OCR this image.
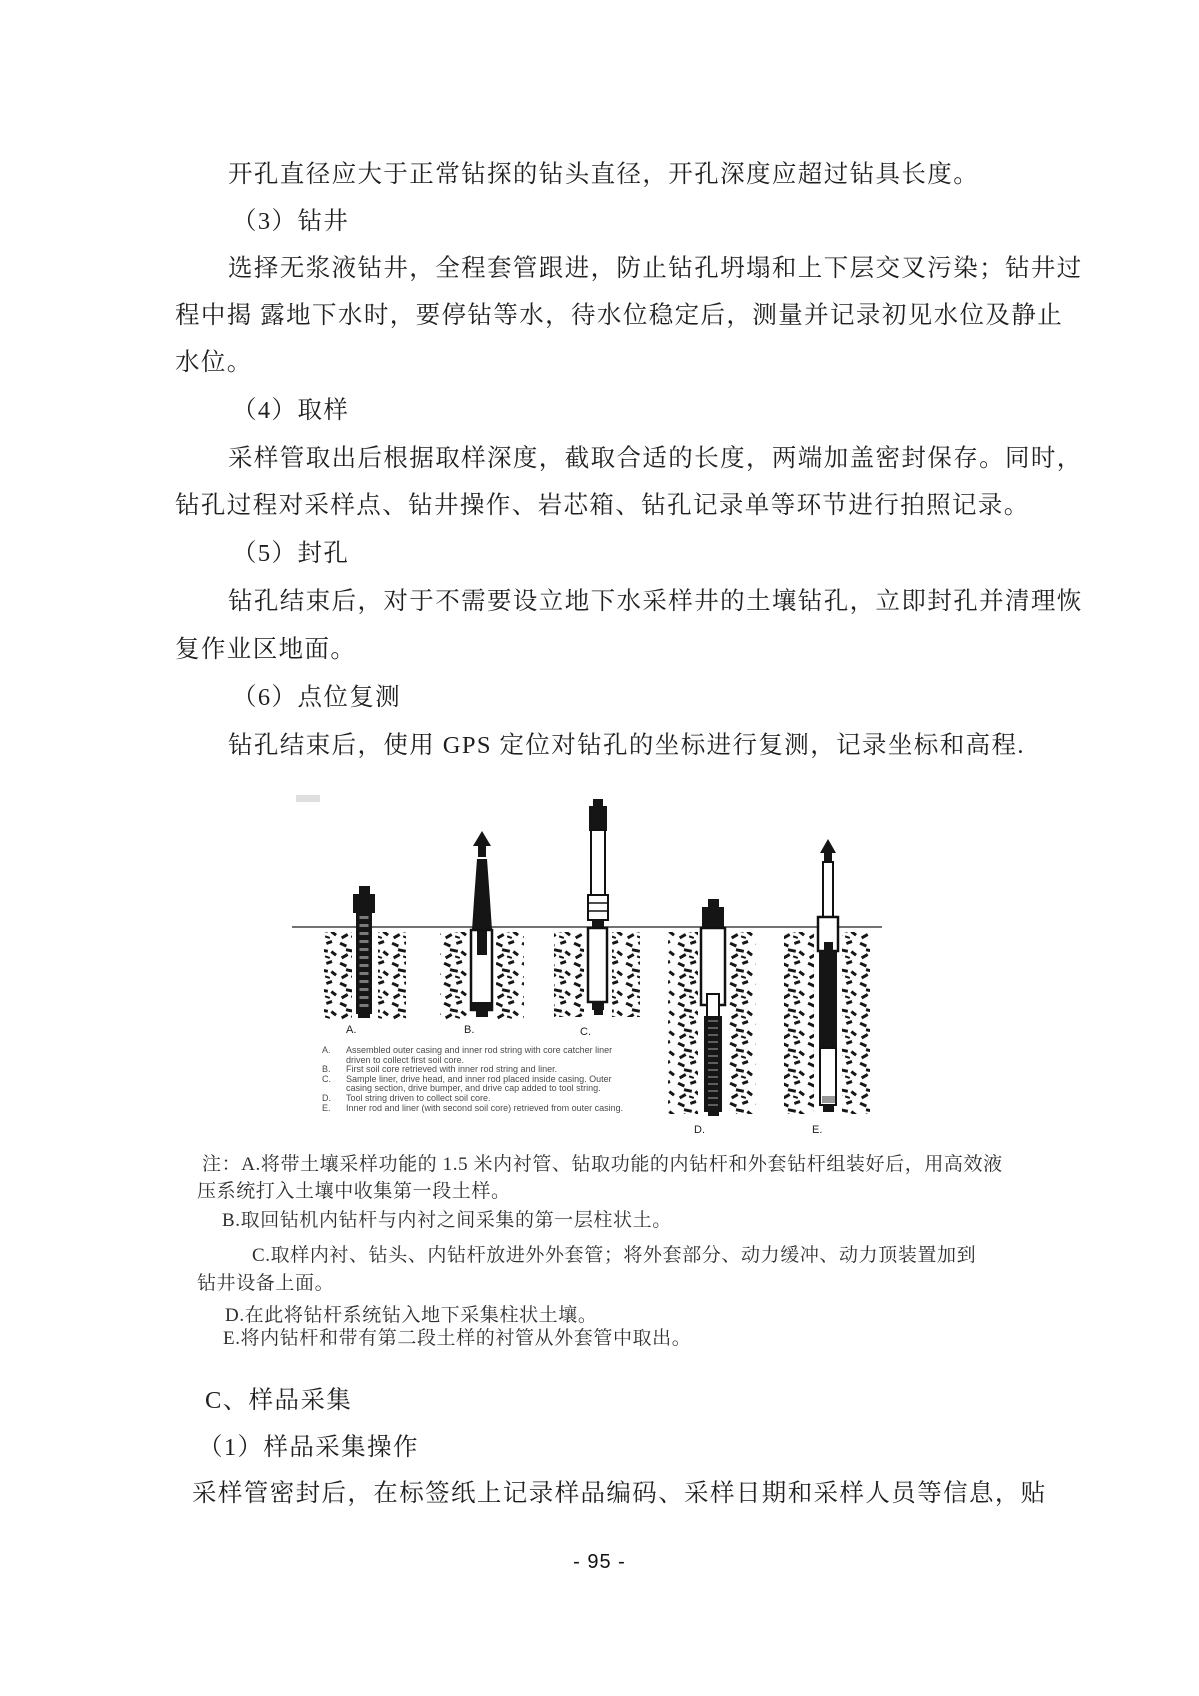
开孔直径应大于正常钻探的钻头直径，开孔深度应超过钻具长度。
（3）钻井
选择无浆液钻井，全程套管跟进，防止钻孔坍塌和上下层交叉污染；钻井过
程中揭 露地下水时，要停钻等水，待水位稳定后，测量并记录初见水位及静止
水位。
（4）取样
采样管取出后根据取样深度，截取合适的长度，两端加盖密封保存。同时，
钻孔过程对采样点、钻井操作、岩芯箱、钻孔记录单等环节进行拍照记录。
（5）封孔
钻孔结束后，对于不需要设立地下水采样井的土壤钻孔，立即封孔并清理恢
复作业区地面。
（6）点位复测
钻孔结束后，使用 GPS 定位对钻孔的坐标进行复测，记录坐标和高程.
A.	B.	C.
D.	E.
A.	Assembled outer casing and inner rod string with core catcher liner driven to collect first soil core.
B.	First soil core retrieved with inner rod string and liner.
C.	Sample liner, drive head, and inner rod placed inside casing. Outer casing section, drive bumper, and drive cap added to tool string.
D.	Tool string driven to collect soil core.
E.	Inner rod and liner (with second soil core) retrieved from outer casing.
注：A.将带土壤采样功能的 1.5 米内衬管、钻取功能的内钻杆和外套钻杆组装好后，用高效液
压系统打入土壤中收集第一段土样。
B.取回钻机内钻杆与内衬之间采集的第一层柱状土。
C.取样内衬、钻头、内钻杆放进外外套管；将外套部分、动力缓冲、动力顶装置加到
钻井设备上面。
D.在此将钻杆系统钻入地下采集柱状土壤。
E.将内钻杆和带有第二段土样的衬管从外套管中取出。
C、样品采集
（1）样品采集操作
采样管密封后，在标签纸上记录样品编码、采样日期和采样人员等信息，贴
- 95 -
